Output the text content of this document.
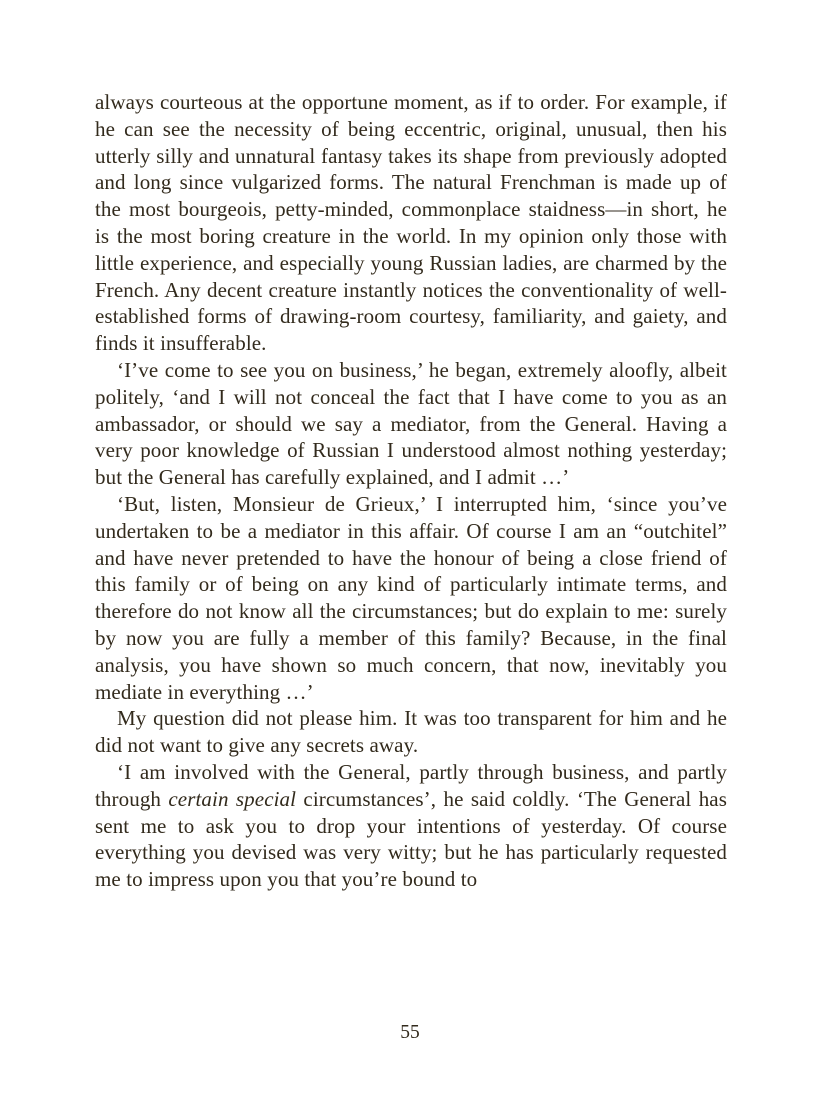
always courteous at the opportune moment, as if to order. For example, if he can see the necessity of being eccentric, original, unusual, then his utterly silly and unnatural fantasy takes its shape from previously adopted and long since vulgarized forms. The natural Frenchman is made up of the most bourgeois, petty-minded, commonplace staidness—in short, he is the most boring creature in the world. In my opinion only those with little experience, and especially young Russian ladies, are charmed by the French. Any decent creature instantly notices the conventionality of well-established forms of drawing-room courtesy, familiarity, and gaiety, and finds it insufferable.

‘I’ve come to see you on business,’ he began, extremely aloofly, albeit politely, ‘and I will not conceal the fact that I have come to you as an ambassador, or should we say a mediator, from the General. Having a very poor knowledge of Russian I understood almost nothing yesterday; but the General has carefully explained, and I admit …’

‘But, listen, Monsieur de Grieux,’ I interrupted him, ‘since you’ve undertaken to be a mediator in this affair. Of course I am an “outchitel” and have never pretended to have the honour of being a close friend of this family or of being on any kind of particularly intimate terms, and therefore do not know all the circumstances; but do explain to me: surely by now you are fully a member of this family? Because, in the final analysis, you have shown so much concern, that now, inevitably you mediate in everything …’

My question did not please him. It was too transparent for him and he did not want to give any secrets away.

‘I am involved with the General, partly through business, and partly through certain special circumstances’, he said coldly. ‘The General has sent me to ask you to drop your intentions of yesterday. Of course everything you devised was very witty; but he has particularly requested me to impress upon you that you’re bound to

55
